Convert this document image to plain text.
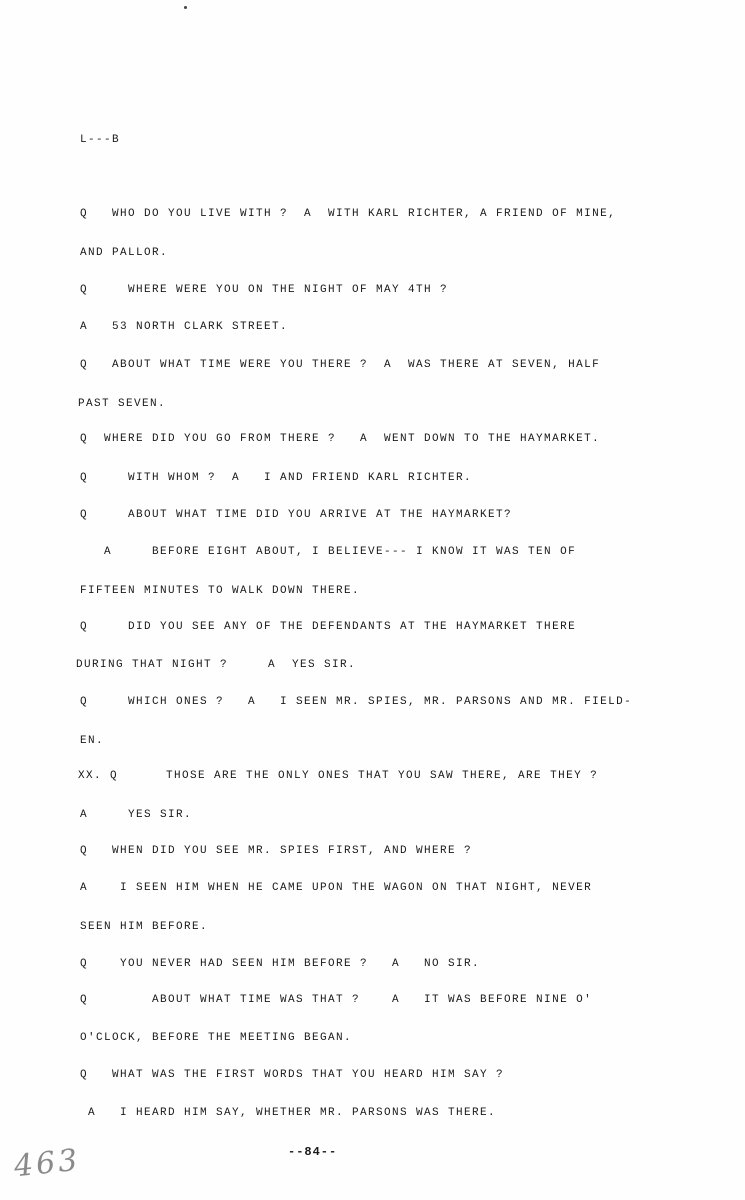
L---B
Q   WHO DO YOU LIVE WITH ?  A  WITH KARL RICHTER, A FRIEND OF MINE,
AND PALLOR.
Q     WHERE WERE YOU ON THE NIGHT OF MAY 4TH ?
A   53 NORTH CLARK STREET.
Q   ABOUT WHAT TIME WERE YOU THERE ?  A  WAS THERE AT SEVEN, HALF
PAST SEVEN.
Q  WHERE DID YOU GO FROM THERE ?   A  WENT DOWN TO THE HAYMARKET.
Q     WITH WHOM ?  A   I AND FRIEND KARL RICHTER.
Q     ABOUT WHAT TIME DID YOU ARRIVE AT THE HAYMARKET?
A     BEFORE EIGHT ABOUT, I BELIEVE--- I KNOW IT WAS TEN OF
FIFTEEN MINUTES TO WALK DOWN THERE.
Q     DID YOU SEE ANY OF THE DEFENDANTS AT THE HAYMARKET THERE
DURING THAT NIGHT ?     A  YES SIR.
Q     WHICH ONES ?   A   I SEEN MR. SPIES, MR. PARSONS AND MR. FIELD-
EN.
XX. Q      THOSE ARE THE ONLY ONES THAT YOU SAW THERE, ARE THEY ?
A     YES SIR.
Q   WHEN DID YOU SEE MR. SPIES FIRST, AND WHERE ?
A    I SEEN HIM WHEN HE CAME UPON THE WAGON ON THAT NIGHT, NEVER
SEEN HIM BEFORE.
Q    YOU NEVER HAD SEEN HIM BEFORE ?   A   NO SIR.
Q        ABOUT WHAT TIME WAS THAT ?    A   IT WAS BEFORE NINE O'
O'CLOCK, BEFORE THE MEETING BEGAN.
Q   WHAT WAS THE FIRST WORDS THAT YOU HEARD HIM SAY ?
A   I HEARD HIM SAY, WHETHER MR. PARSONS WAS THERE.
463	--84--
